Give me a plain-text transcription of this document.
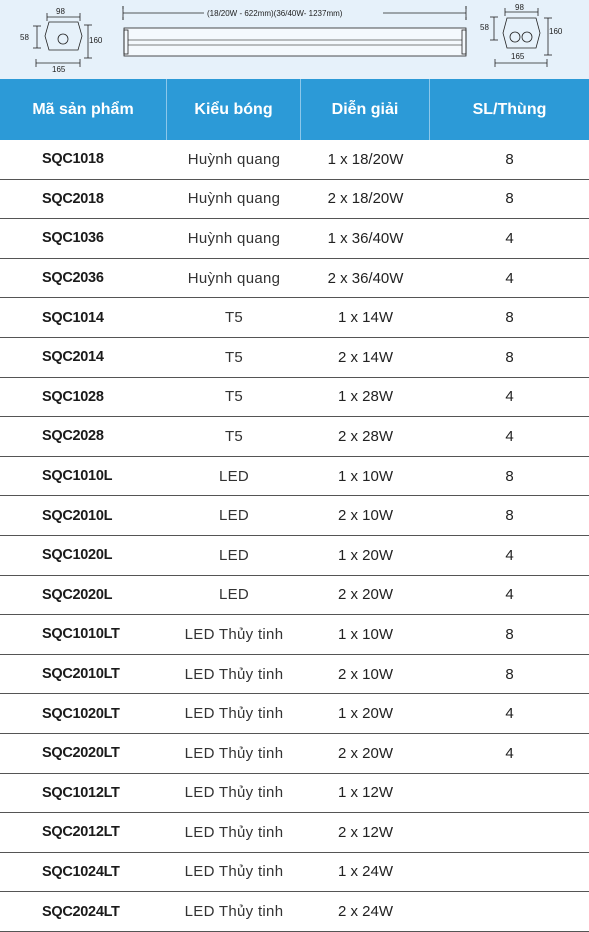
98
58	160
165
(18/20W - 622mm)(36/40W- 1237mm)
98
58	160
165
Mã sản phẩm	Kiểu bóng	Diễn giải	SL/Thùng
SQC1018	Huỳnh quang	1 x 18/20W	8
SQC2018	Huỳnh quang	2 x 18/20W	8
SQC1036	Huỳnh quang	1 x 36/40W	4
SQC2036	Huỳnh quang	2 x 36/40W	4
SQC1014	T5	1 x 14W	8
SQC2014	T5	2 x 14W	8
SQC1028	T5	1 x 28W	4
SQC2028	T5	2 x 28W	4
SQC1010L	LED	1 x 10W	8
SQC2010L	LED	2 x 10W	8
SQC1020L	LED	1 x 20W	4
SQC2020L	LED	2 x 20W	4
SQC1010LT	LED Thủy tinh	1 x 10W	8
SQC2010LT	LED Thủy tinh	2 x 10W	8
SQC1020LT	LED Thủy tinh	1 x 20W	4
SQC2020LT	LED Thủy tinh	2 x 20W	4
SQC1012LT	LED Thủy tinh	1 x 12W
SQC2012LT	LED Thủy tinh	2 x 12W
SQC1024LT	LED Thủy tinh	1 x 24W
SQC2024LT	LED Thủy tinh	2 x 24W
